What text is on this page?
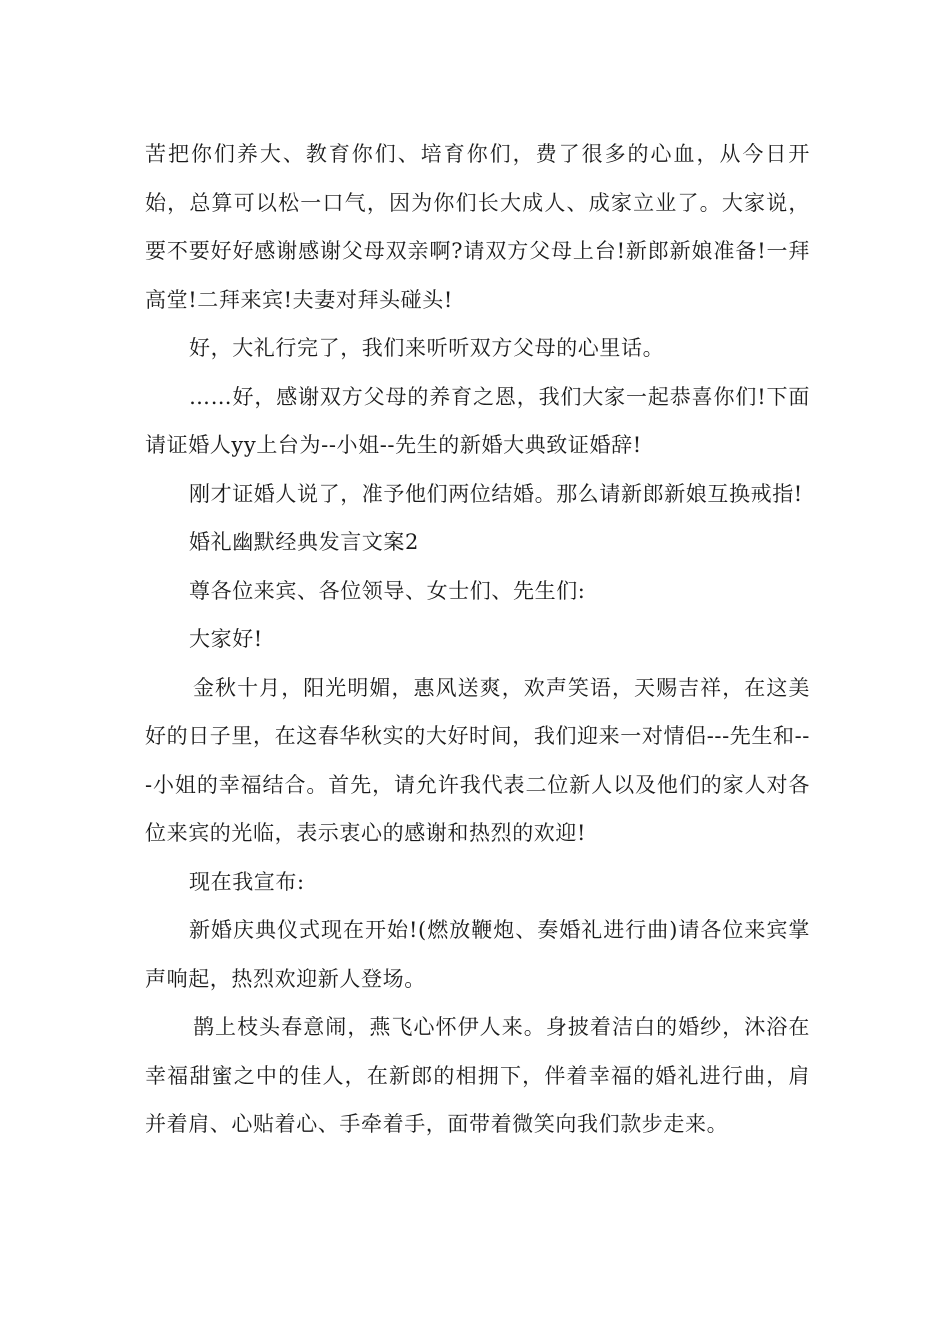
苦把你们养大、教育你们、培育你们，费了很多的心血，从今日开始，总算可以松一口气，因为你们长大成人、成家立业了。大家说，要不要好好感谢感谢父母双亲啊?请双方父母上台!新郎新娘准备!一拜高堂!二拜来宾!夫妻对拜头碰头!

好，大礼行完了，我们来听听双方父母的心里话。

……好，感谢双方父母的养育之恩，我们大家一起恭喜你们!下面请证婚人yy上台为--小姐--先生的新婚大典致证婚辞!

刚才证婚人说了，准予他们两位结婚。那么请新郎新娘互换戒指!

婚礼幽默经典发言文案2

尊各位来宾、各位领导、女士们、先生们:

大家好!

金秋十月，阳光明媚，惠风送爽，欢声笑语，天赐吉祥，在这美好的日子里，在这春华秋实的大好时间，我们迎来一对情侣---先生和---小姐的幸福结合。首先，请允许我代表二位新人以及他们的家人对各位来宾的光临，表示衷心的感谢和热烈的欢迎!

现在我宣布:

新婚庆典仪式现在开始!(燃放鞭炮、奏婚礼进行曲)请各位来宾掌声响起，热烈欢迎新人登场。

鹊上枝头春意闹，燕飞心怀伊人来。身披着洁白的婚纱，沐浴在幸福甜蜜之中的佳人，在新郎的相拥下，伴着幸福的婚礼进行曲，肩并着肩、心贴着心、手牵着手，面带着微笑向我们款步走来。
